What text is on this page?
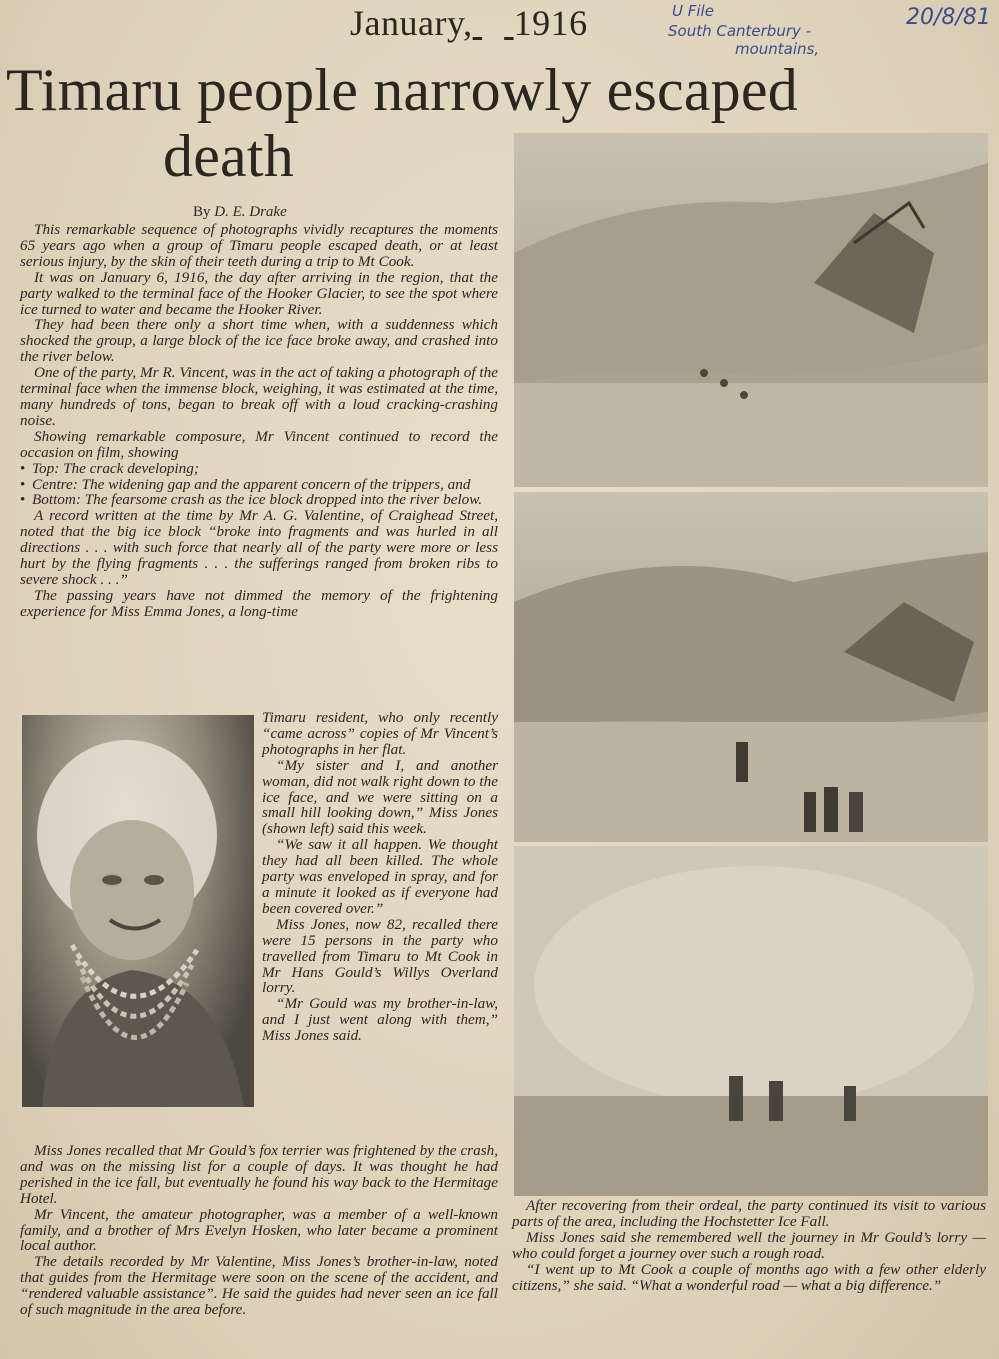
January, 1916	U File
South Canterbury -
mountains,
20/8/81
Timaru people narrowly escaped
death
By D. E. Drake

This remarkable sequence of photographs vividly recaptures the moments 65 years ago when a group of Timaru people escaped death, or at least serious injury, by the skin of their teeth during a trip to Mt Cook.

It was on January 6, 1916, the day after arriving in the region, that the party walked to the terminal face of the Hooker Glacier, to see the spot where ice turned to water and became the Hooker River.

They had been there only a short time when, with a suddenness which shocked the group, a large block of the ice face broke away, and crashed into the river below.

One of the party, Mr R. Vincent, was in the act of taking a photograph of the terminal face when the immense block, weighing, it was estimated at the time, many hundreds of tons, began to break off with a loud cracking-crashing noise.

Showing remarkable composure, Mr Vincent continued to record the occasion on film, showing

• Top: The crack developing;

• Centre: The widening gap and the apparent concern of the trippers, and

• Bottom: The fearsome crash as the ice block dropped into the river below.

A record written at the time by Mr A. G. Valentine, of Craighead Street, noted that the big ice block “broke into fragments and was hurled in all directions . . . with such force that nearly all of the party were more or less hurt by the flying fragments . . . the sufferings ranged from broken ribs to severe shock . . .”

The passing years have not dimmed the memory of the frightening experience for Miss Emma Jones, a long-time

Timaru resident, who only recently “came across” copies of Mr Vincent’s photographs in her flat.

“My sister and I, and another woman, did not walk right down to the ice face, and we were sitting on a small hill looking down,” Miss Jones (shown left) said this week.

“We saw it all happen. We thought they had all been killed. The whole party was enveloped in spray, and for a minute it looked as if everyone had been covered over.”

Miss Jones, now 82, recalled there were 15 persons in the party who travelled from Timaru to Mt Cook in Mr Hans Gould’s Willys Overland lorry.

“Mr Gould was my brother-in-law, and I just went along with them,” Miss Jones said.

Miss Jones recalled that Mr Gould’s fox terrier was frightened by the crash, and was on the missing list for a couple of days. It was thought he had perished in the ice fall, but eventually he found his way back to the Hermitage Hotel.

Mr Vincent, the amateur photographer, was a member of a well-known family, and a brother of Mrs Evelyn Hosken, who later became a prominent local author.

The details recorded by Mr Valentine, Miss Jones’s brother-in-law, noted that guides from the Hermitage were soon on the scene of the accident, and “rendered valuable assistance”. He said the guides had never seen an ice fall of such magnitude in the area before.

After recovering from their ordeal, the party continued its visit to various parts of the area, including the Hochstetter Ice Fall.

Miss Jones said she remembered well the journey in Mr Gould’s lorry — who could forget a journey over such a rough road.

“I went up to Mt Cook a couple of months ago with a few other elderly citizens,” she said. “What a wonderful road — what a big difference.”
